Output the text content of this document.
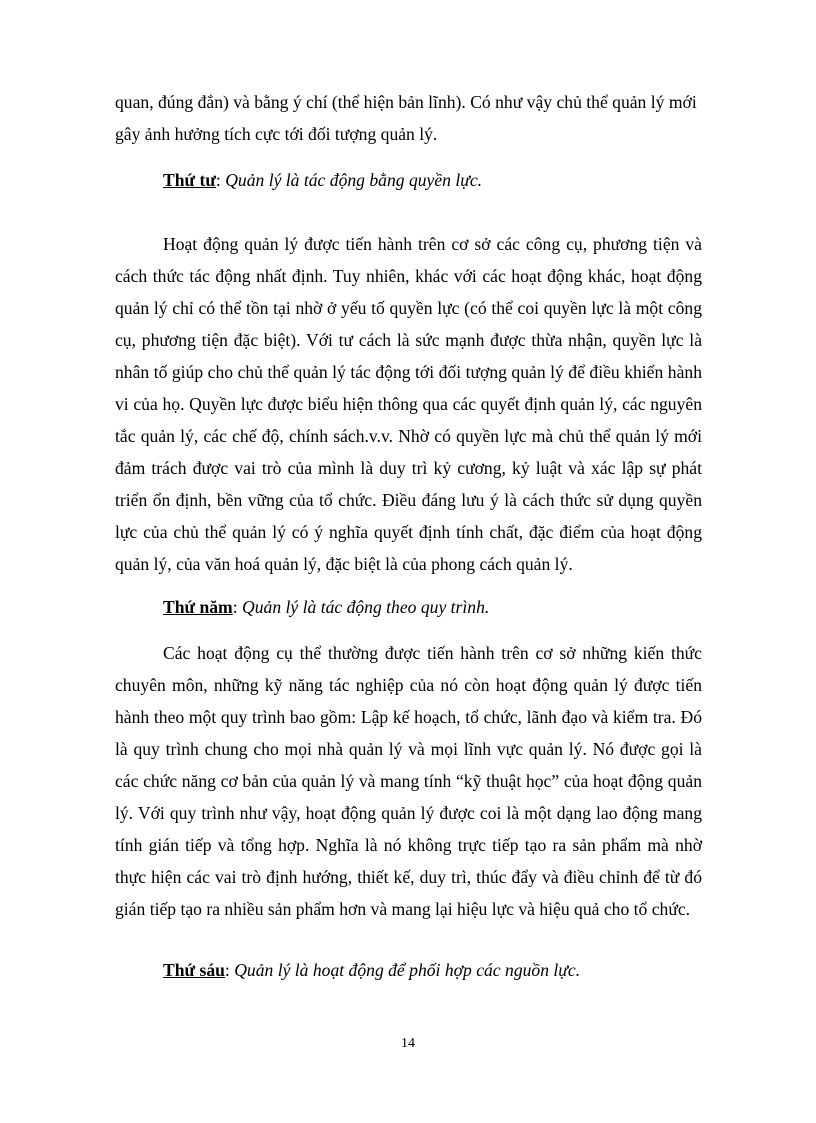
quan, đúng đắn) và bằng ý chí (thể hiện bản lĩnh). Có như vậy chủ thể quản lý mới
gây ảnh hưởng tích cực tới đối tượng quản lý.

Thứ tư: Quản lý là tác động bằng quyền lực.

Hoạt động quản lý được tiến hành trên cơ sở các công cụ, phương tiện và cách thức tác động nhất định. Tuy nhiên, khác với các hoạt động khác, hoạt động quản lý chỉ có thể tồn tại nhờ ở yếu tố quyền lực (có thể coi quyền lực là một công cụ, phương tiện đặc biệt). Với tư cách là sức mạnh được thừa nhận, quyền lực là nhân tố giúp cho chủ thể quản lý tác động tới đối tượng quản lý để điều khiển hành vi của họ. Quyền lực được biểu hiện thông qua các quyết định quản lý, các nguyên tắc quản lý, các chế độ, chính sách.v.v. Nhờ có quyền lực mà chủ thể quản lý mới đảm trách được vai trò của mình là duy trì kỷ cương, kỷ luật và xác lập sự phát triển ổn định, bền vững của tổ chức. Điều đáng lưu ý là cách thức sử dụng quyền lực của chủ thể quản lý có ý nghĩa quyết định tính chất, đặc điểm của hoạt động quản lý, của văn hoá quản lý, đặc biệt là của phong cách quản lý.

Thứ năm: Quản lý là tác động theo quy trình.

Các hoạt động cụ thể thường được tiến hành trên cơ sở những kiến thức chuyên môn, những kỹ năng tác nghiệp của nó còn hoạt động quản lý được tiến hành theo một quy trình bao gồm: Lập kế hoạch, tổ chức, lãnh đạo và kiểm tra. Đó là quy trình chung cho mọi nhà quản lý và mọi lĩnh vực quản lý. Nó được gọi là các chức năng cơ bản của quản lý và mang tính “kỹ thuật học” của hoạt động quản lý. Với quy trình như vậy, hoạt động quản lý được coi là một dạng lao động mang tính gián tiếp và tổng hợp. Nghĩa là nó không trực tiếp tạo ra sản phẩm mà nhờ thực hiện các vai trò định hướng, thiết kế, duy trì, thúc đẩy và điều chỉnh để từ đó gián tiếp tạo ra nhiều sản phẩm hơn và mang lại hiệu lực và hiệu quả cho tổ chức.

Thứ sáu: Quản lý là hoạt động để phối hợp các nguồn lực.

14
